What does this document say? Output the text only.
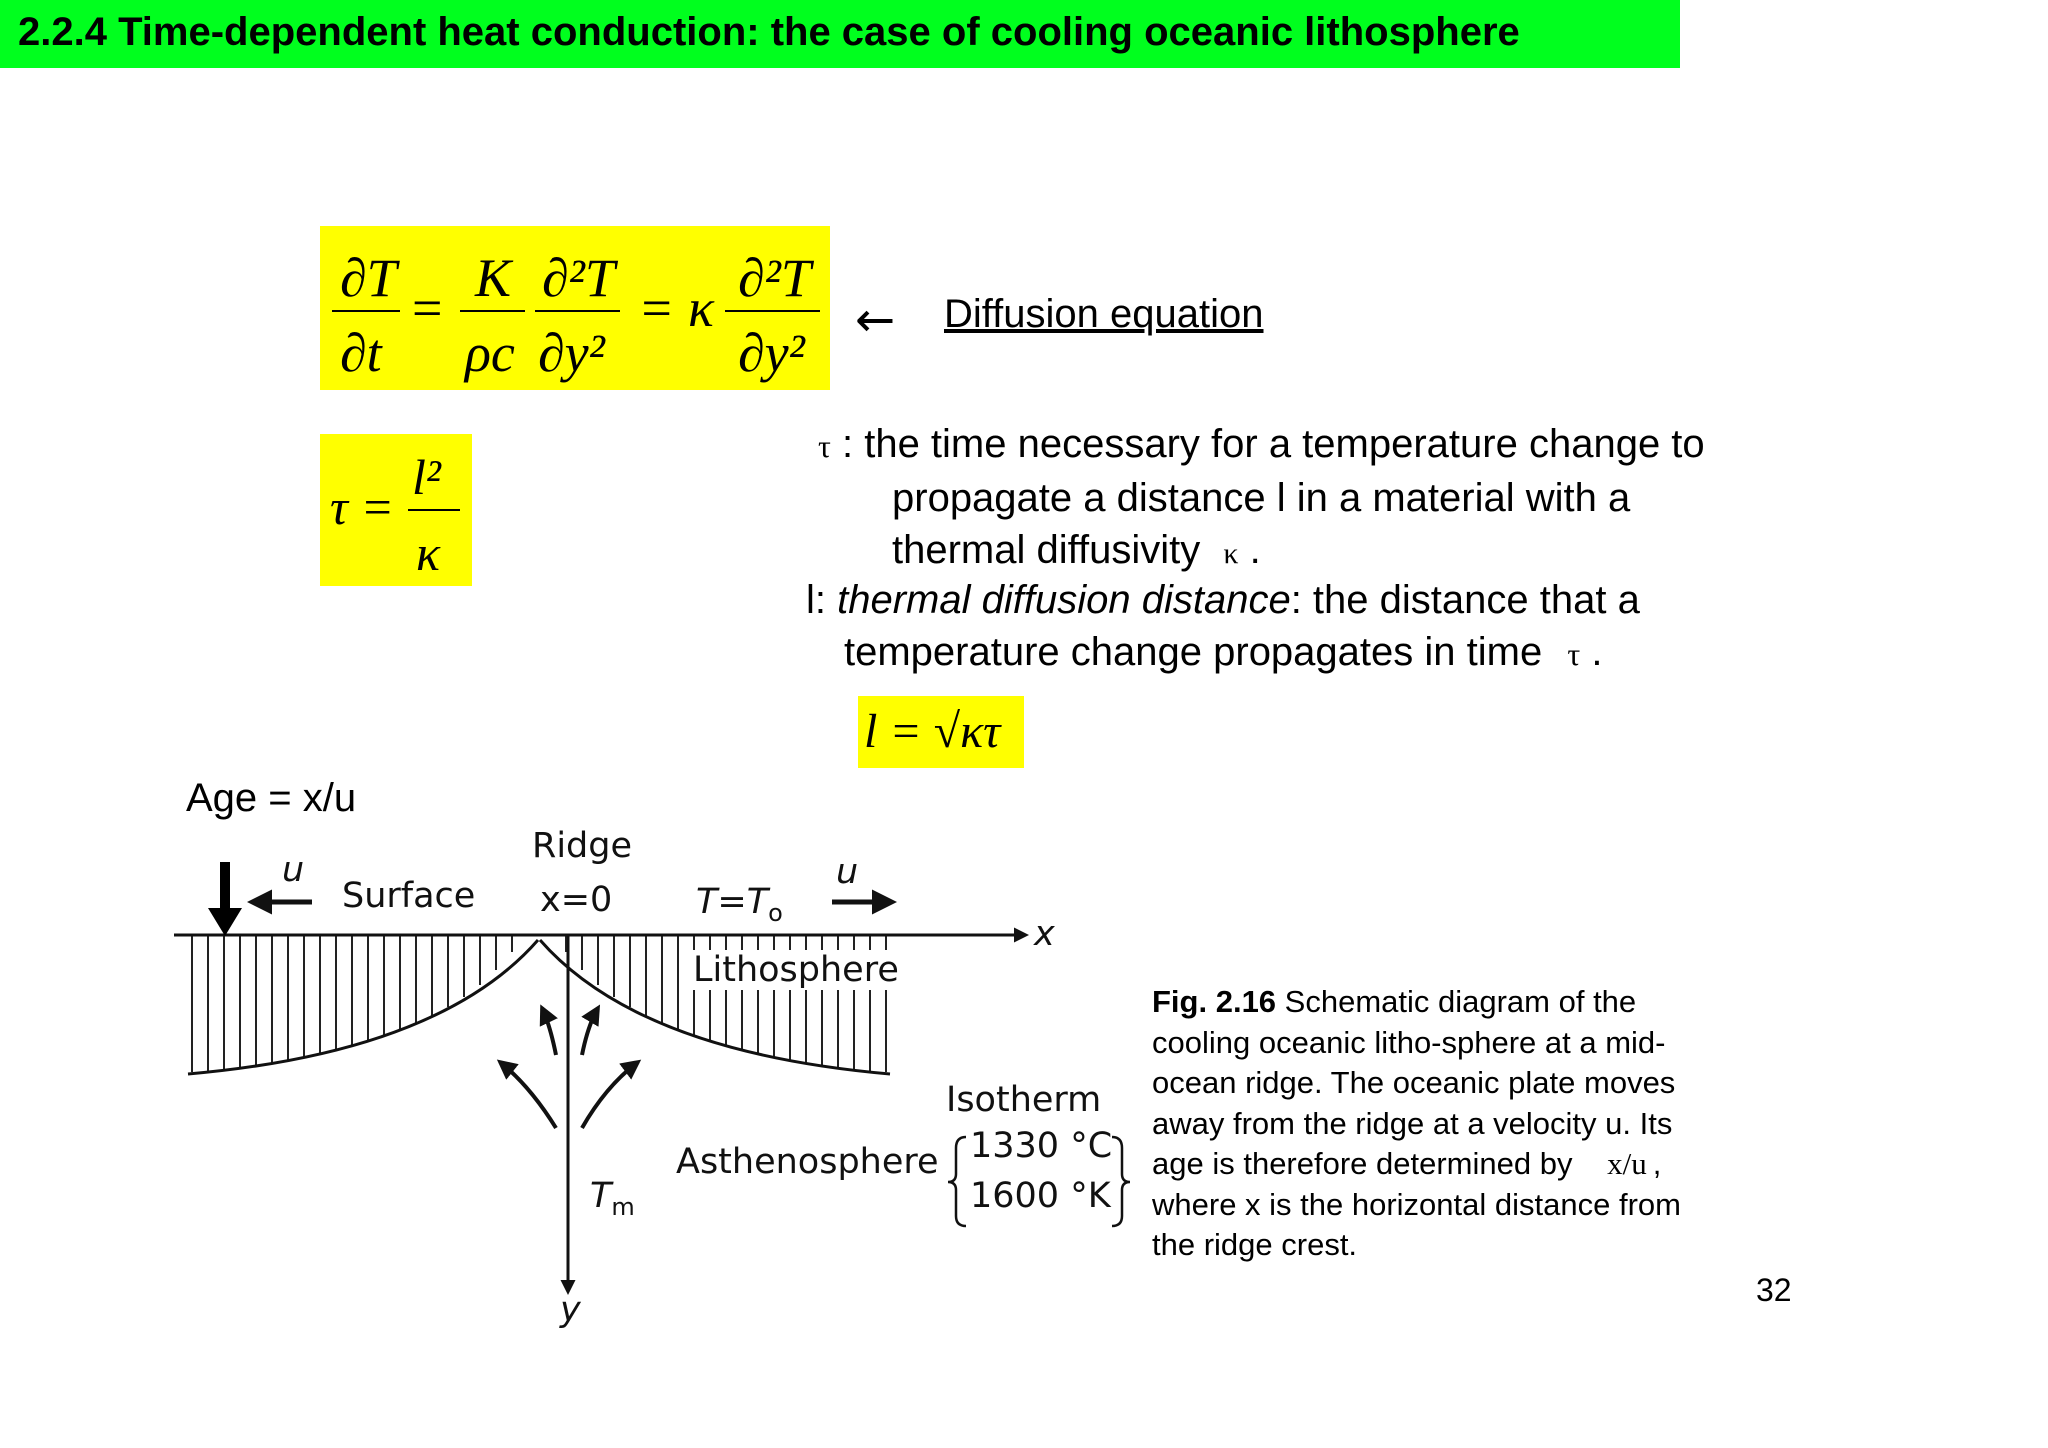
2.2.4 Time-dependent heat conduction: the case of cooling oceanic lithosphere
∂T
∂t
= K
ρc
∂²T
∂y²
= κ ∂²T
∂y²
← Diffusion equation
τ =
l²
κ
τ : the time necessary for a temperature change to
propagate a distance l in a material with a
thermal diffusivity κ .
l: thermal diffusion distance: the distance that a
temperature change propagates in time τ .
l = √κτ
Age = x/u
u
Surface
Ridge
x=0 $T=T_o$
u
x
Lithosphere
Isotherm
1330 °C
1600 °K
Asthenosphere
$T_m$
y
Fig. 2.16 Schematic diagram of the
cooling oceanic litho-sphere at a mid-
ocean ridge. The oceanic plate moves
away from the ridge at a velocity u. Its
age is therefore determined by x/u ,
where x is the horizontal distance from
the ridge crest.
32
